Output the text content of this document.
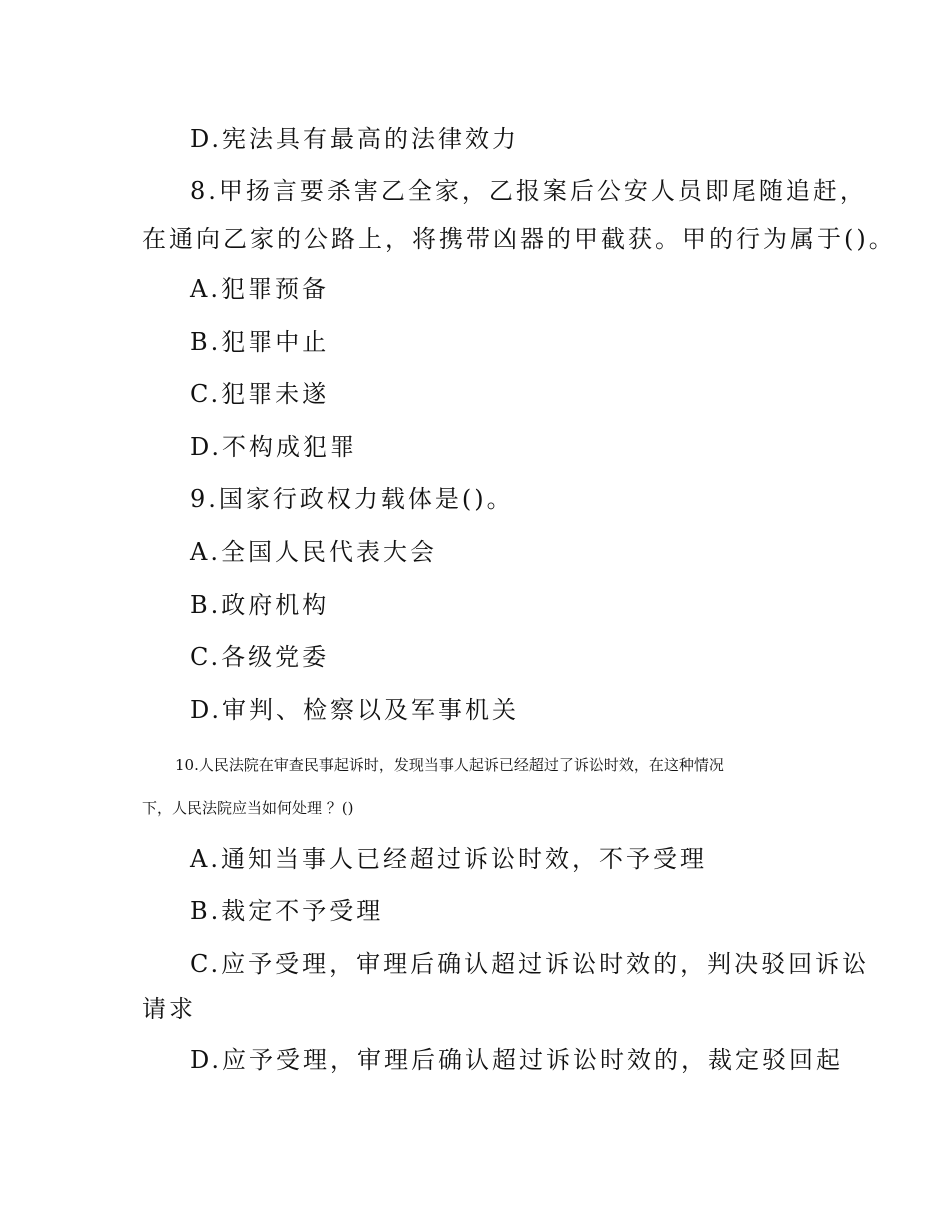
D.宪法具有最高的法律效力
8.甲扬言要杀害乙全家，乙报案后公安人员即尾随追赶，
在通向乙家的公路上，将携带凶器的甲截获。甲的行为属于()。
A.犯罪预备
B.犯罪中止
C.犯罪未遂
D.不构成犯罪
9.国家行政权力载体是()。
A.全国人民代表大会
B.政府机构
C.各级党委
D.审判、检察以及军事机关
10.人民法院在审查民事起诉时，发现当事人起诉已经超过了诉讼时效，在这种情况
下，人民法院应当如何处理 ？()
A.通知当事人已经超过诉讼时效，不予受理
B.裁定不予受理
C.应予受理，审理后确认超过诉讼时效的，判决驳回诉讼
请求
D.应予受理，审理后确认超过诉讼时效的，裁定驳回起
